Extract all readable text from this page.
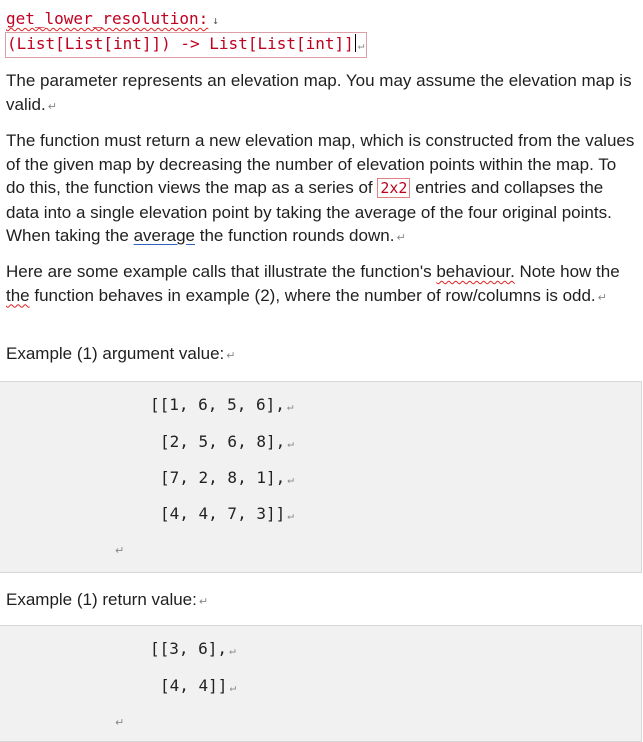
get_lower_resolution: ↓
(List[List[int]]) -> List[List[int]] ↵
The parameter represents an elevation map. You may assume the elevation map is valid. ↵
The function must return a new elevation map, which is constructed from the values of the given map by decreasing the number of elevation points within the map. To do this, the function views the map as a series of 2x2 entries and collapses the data into a single elevation point by taking the average of the four original points. When taking the average the function rounds down. ↵
Here are some example calls that illustrate the function's behaviour. Note how the the function behaves in example (2), where the number of row/columns is odd. ↵
Example (1) argument value: ↵
[[1, 6, 5, 6], ↵
[2, 5, 6, 8], ↵
[7, 2, 8, 1], ↵
[4, 4, 7, 3]] ↵
↵
Example (1) return value: ↵
[[3, 6], ↵
[4, 4]] ↵
↵
